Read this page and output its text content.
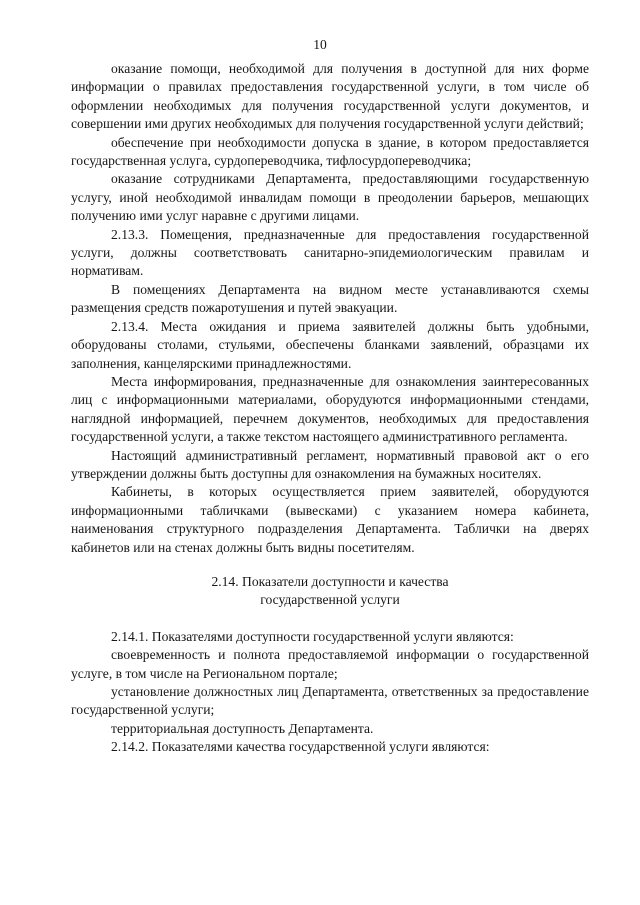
10

оказание помощи, необходимой для получения в доступной для них форме информации о правилах предоставления государственной услуги, в том числе об оформлении необходимых для получения государственной услуги документов, и совершении ими других необходимых для получения государственной услуги действий;

обеспечение при необходимости допуска в здание, в котором предоставляется государственная услуга, сурдопереводчика, тифлосурдопереводчика;

оказание сотрудниками Департамента, предоставляющими государственную услугу, иной необходимой инвалидам помощи в преодолении барьеров, мешающих получению ими услуг наравне с другими лицами.

2.13.3. Помещения, предназначенные для предоставления государственной услуги, должны соответствовать санитарно-эпидемиологическим правилам и нормативам.

В помещениях Департамента на видном месте устанавливаются схемы размещения средств пожаротушения и путей эвакуации.

2.13.4. Места ожидания и приема заявителей должны быть удобными, оборудованы столами, стульями, обеспечены бланками заявлений, образцами их заполнения, канцелярскими принадлежностями.

Места информирования, предназначенные для ознакомления заинтересованных лиц с информационными материалами, оборудуются информационными стендами, наглядной информацией, перечнем документов, необходимых для предоставления государственной услуги, а также текстом настоящего административного регламента.

Настоящий административный регламент, нормативный правовой акт о его утверждении должны быть доступны для ознакомления на бумажных носителях.

Кабинеты, в которых осуществляется прием заявителей, оборудуются информационными табличками (вывесками) с указанием номера кабинета, наименования структурного подразделения Департамента. Таблички на дверях кабинетов или на стенах должны быть видны посетителям.

2.14. Показатели доступности и качества
государственной услуги

2.14.1. Показателями доступности государственной услуги являются:

своевременность и полнота предоставляемой информации о государственной услуге, в том числе на Региональном портале;

установление должностных лиц Департамента, ответственных за предоставление государственной услуги;

территориальная доступность Департамента.

2.14.2. Показателями качества государственной услуги являются:
